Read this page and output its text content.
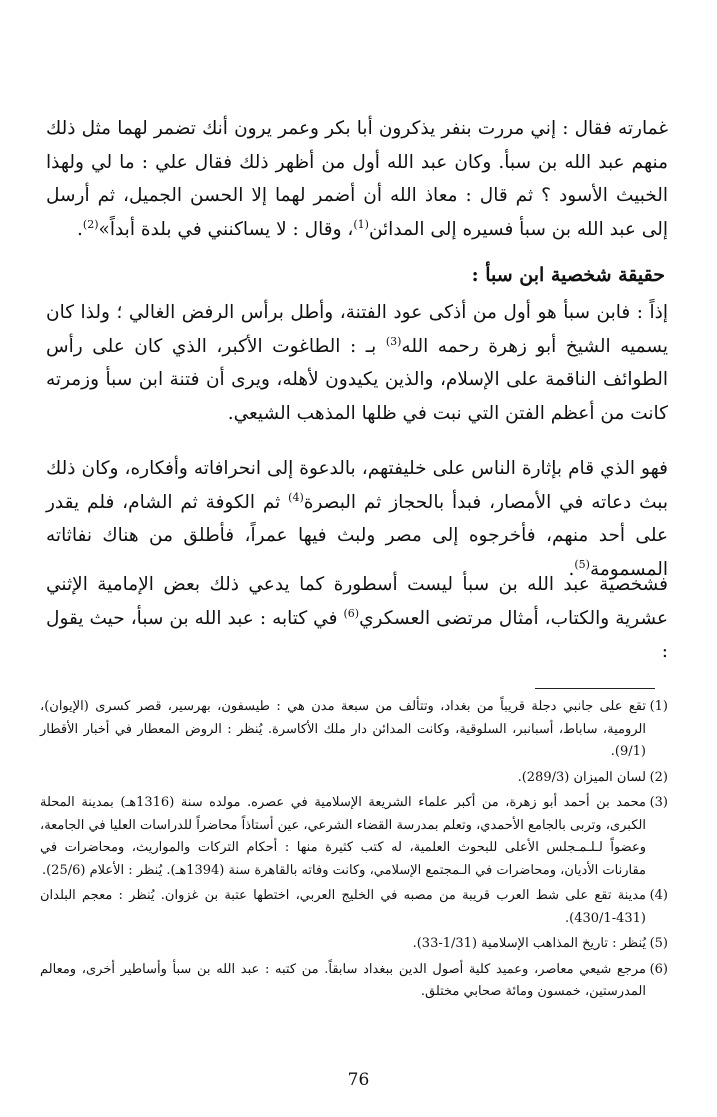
غمارته فقال : إني مررت بنفر يذكرون أبا بكر وعمر يرون أنك تضمر لهما مثل ذلك منهم عبد الله بن سبأ. وكان عبد الله أول من أظهر ذلك فقال علي : ما لي ولهذا الخبيث الأسود ؟ ثم قال : معاذ الله أن أضمر لهما إلا الحسن الجميل، ثم أرسل إلى عبد الله بن سبأ فسيره إلى المدائن$^{(1)}$، وقال : لا يساكنني في بلدة أبداً»$^{(2)}$.

حقيقة شخصية ابن سبأ :

إذاً : فابن سبأ هو أول من أذكى عود الفتنة، وأطل برأس الرفض الغالي ؛ ولذا كان يسميه الشيخ أبو زهرة رحمه الله$^{(3)}$ بـ : الطاغوت الأكبر، الذي كان على رأس الطوائف الناقمة على الإسلام، والذين يكيدون لأهله، ويرى أن فتنة ابن سبأ وزمرته كانت من أعظم الفتن التي نبت في ظلها المذهب الشيعي.

فهو الذي قام بإثارة الناس على خليفتهم، بالدعوة إلى انحرافاته وأفكاره، وكان ذلك ببث دعاته في الأمصار، فبدأ بالحجاز ثم البصرة$^{(4)}$ ثم الكوفة ثم الشام، فلم يقدر على أحد منهم، فأخرجوه إلى مصر ولبث فيها عمراً، فأطلق من هناك نفاثاته المسمومة$^{(5)}$.

فشخصية عبد الله بن سبأ ليست أسطورة كما يدعي ذلك بعض الإمامية الإثني عشرية والكتاب، أمثال مرتضى العسكري$^{(6)}$ في كتابه : عبد الله بن سبأ، حيث يقول :

(1)
تقع على جانبي دجلة قريباً من بغداد، وتتألف من سبعة مدن هي : طيسفون، بهرسير، قصر كسرى (الإيوان)، الرومية، ساباط، أسبانبر، السلوقية، وكانت المدائن دار ملك الأكاسرة. يُنظر : الروض المعطار في أخبار الأقطار (9/1).
(2)
لسان الميزان (289/3).
(3)
محمد بن أحمد أبو زهرة، من أكبر علماء الشريعة الإسلامية في عصره. مولده سنة (1316هـ) بمدينة المحلة الكبرى، وتربى بالجامع الأحمدي، وتعلم بمدرسة القضاء الشرعي، عين أستاذاً محاضراً للدراسات العليا في الجامعة، وعضواً لـلـمـجلس الأعلى للبحوث العلمية، له كتب كثيرة منها : أحكام التركات والمواريث، ومحاضرات في مقارنات الأديان، ومحاضرات في الـمجتمع الإسلامي، وكانت وفاته بالقاهرة سنة (1394هـ). يُنظر : الأعلام (25/6).
(4)
مدينة تقع على شط العرب قريبة من مصبه في الخليج العربي، اختطها عتبة بن غزوان. يُنظر : معجم البلدان (431-430/1).
(5)
يُنظر : تاريخ المذاهب الإسلامية (1/31-33).
(6)
مرجع شيعي معاصر، وعميد كلية أصول الدين ببغداد سابقاً. من كتبه : عبد الله بن سبأ وأساطير أخرى، ومعالم المدرستين، خمسون ومائة صحابي مختلق.
76
